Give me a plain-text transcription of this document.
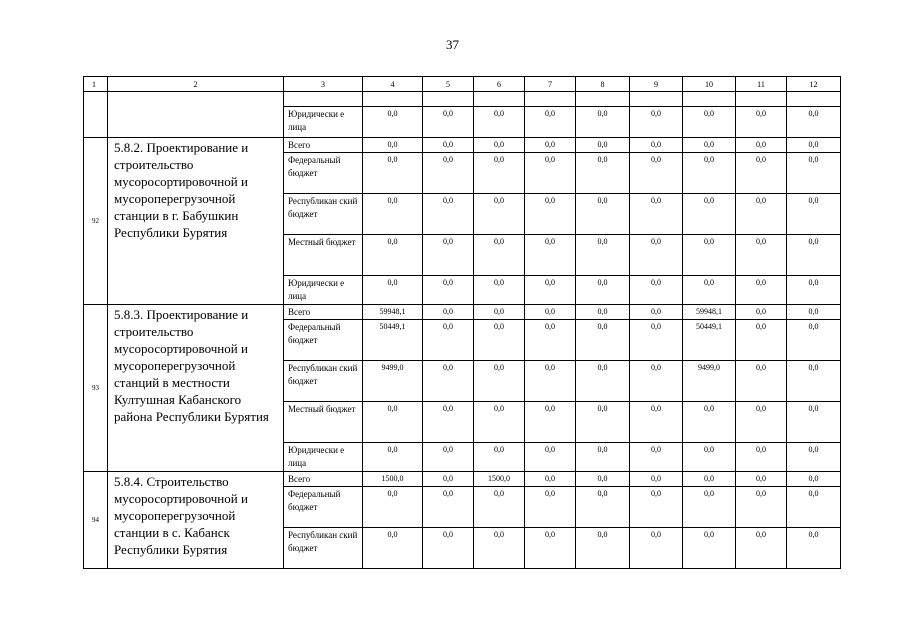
37
1	2	3	4	5	6	7	8	9	10	11	12

		Юридически е лица	0,0	0,0	0,0	0,0	0,0	0,0	0,0	0,0	0,0
92	5.8.2. Проектирование и строительство мусоросортировочной и мусороперегрузочной станции в г. Бабушкин Республики Бурятия	Всего	0,0	0,0	0,0	0,0	0,0	0,0	0,0	0,0	0,0
		Федеральный бюджет	0,0	0,0	0,0	0,0	0,0	0,0	0,0	0,0	0,0
		Республикан ский бюджет	0,0	0,0	0,0	0,0	0,0	0,0	0,0	0,0	0,0
		Местный бюджет	0,0	0,0	0,0	0,0	0,0	0,0	0,0	0,0	0,0
		Юридически е лица	0,0	0,0	0,0	0,0	0,0	0,0	0,0	0,0	0,0
93	5.8.3. Проектирование и строительство мусоросортировочной и мусороперегрузочной станций в местности Култушная Кабанского района Республики Бурятия	Всего	59948,1	0,0	0,0	0,0	0,0	0,0	59948,1	0,0	0,0
		Федеральный бюджет	50449,1	0,0	0,0	0,0	0,0	0,0	50449,1	0,0	0,0
		Республикан ский бюджет	9499,0	0,0	0,0	0,0	0,0	0,0	9499,0	0,0	0,0
		Местный бюджет	0,0	0,0	0,0	0,0	0,0	0,0	0,0	0,0	0,0
		Юридически е лица	0,0	0,0	0,0	0,0	0,0	0,0	0,0	0,0	0,0
94	5.8.4. Строительство мусоросортировочной и мусороперегрузочной станции в с. Кабанск Республики Бурятия	Всего	1500,0	0,0	1500,0	0,0	0,0	0,0	0,0	0,0	0,0
		Федеральный бюджет	0,0	0,0	0,0	0,0	0,0	0,0	0,0	0,0	0,0
		Республикан ский бюджет	0,0	0,0	0,0	0,0	0,0	0,0	0,0	0,0	0,0
